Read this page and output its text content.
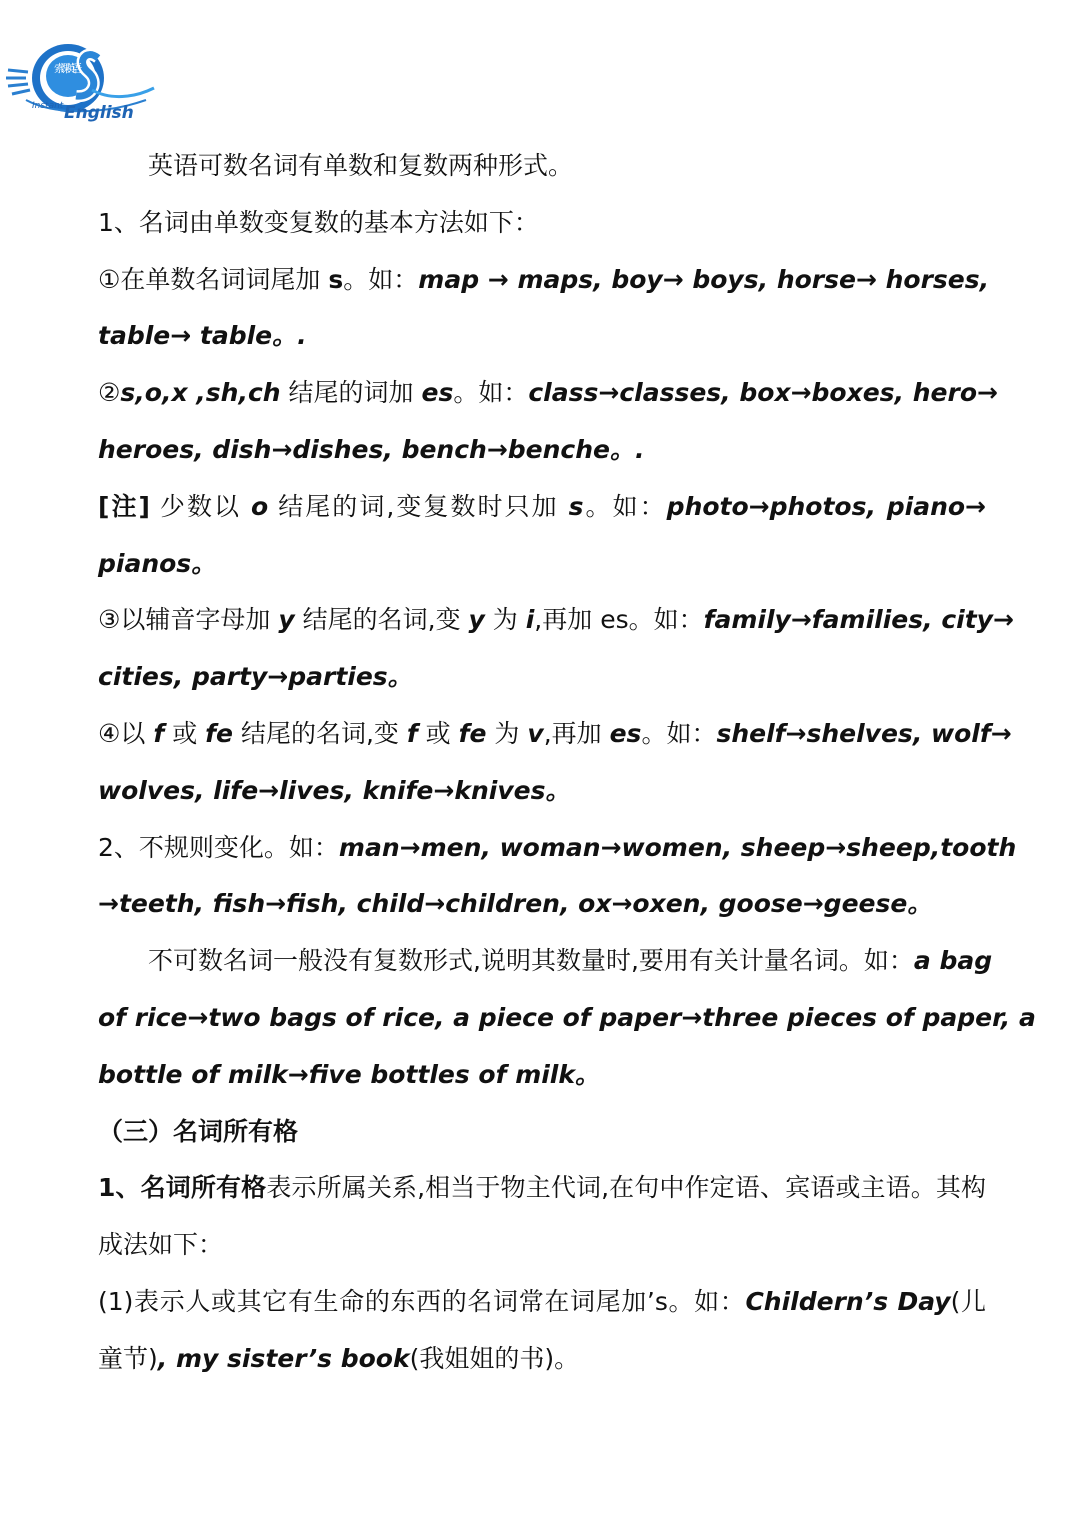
索课英语
Instant English
英语可数名词有单数和复数两种形式。
1、名词由单数变复数的基本方法如下：
①在单数名词词尾加 s。如：map → maps, boy→ boys, horse→ horses,
table→ table。.
②s,o,x ,sh,ch 结尾的词加 es。如：class→classes, box→boxes, hero→
heroes, dish→dishes, bench→benche。.
[注] 少数以 o 结尾的词,变复数时只加 s。如：photo→photos, piano→
pianos。
③以辅音字母加 y 结尾的名词,变 y 为 i,再加 es。如：family→families, city→
cities, party→parties。
④以 f 或 fe 结尾的名词,变 f 或 fe 为 v,再加 es。如：shelf→shelves, wolf→
wolves, life→lives, knife→knives。
2、不规则变化。如：man→men, woman→women, sheep→sheep,tooth
→teeth, fish→fish, child→children, ox→oxen, goose→geese。
不可数名词一般没有复数形式,说明其数量时,要用有关计量名词。如：a bag
of rice→two bags of rice, a piece of paper→three pieces of paper, a
bottle of milk→five bottles of milk。
（三）名词所有格
1、名词所有格表示所属关系,相当于物主代词,在句中作定语、宾语或主语。其构
成法如下：
(1)表示人或其它有生命的东西的名词常在词尾加’s。如：Childern’s Day(儿
童节), my sister’s book(我姐姐的书)。
